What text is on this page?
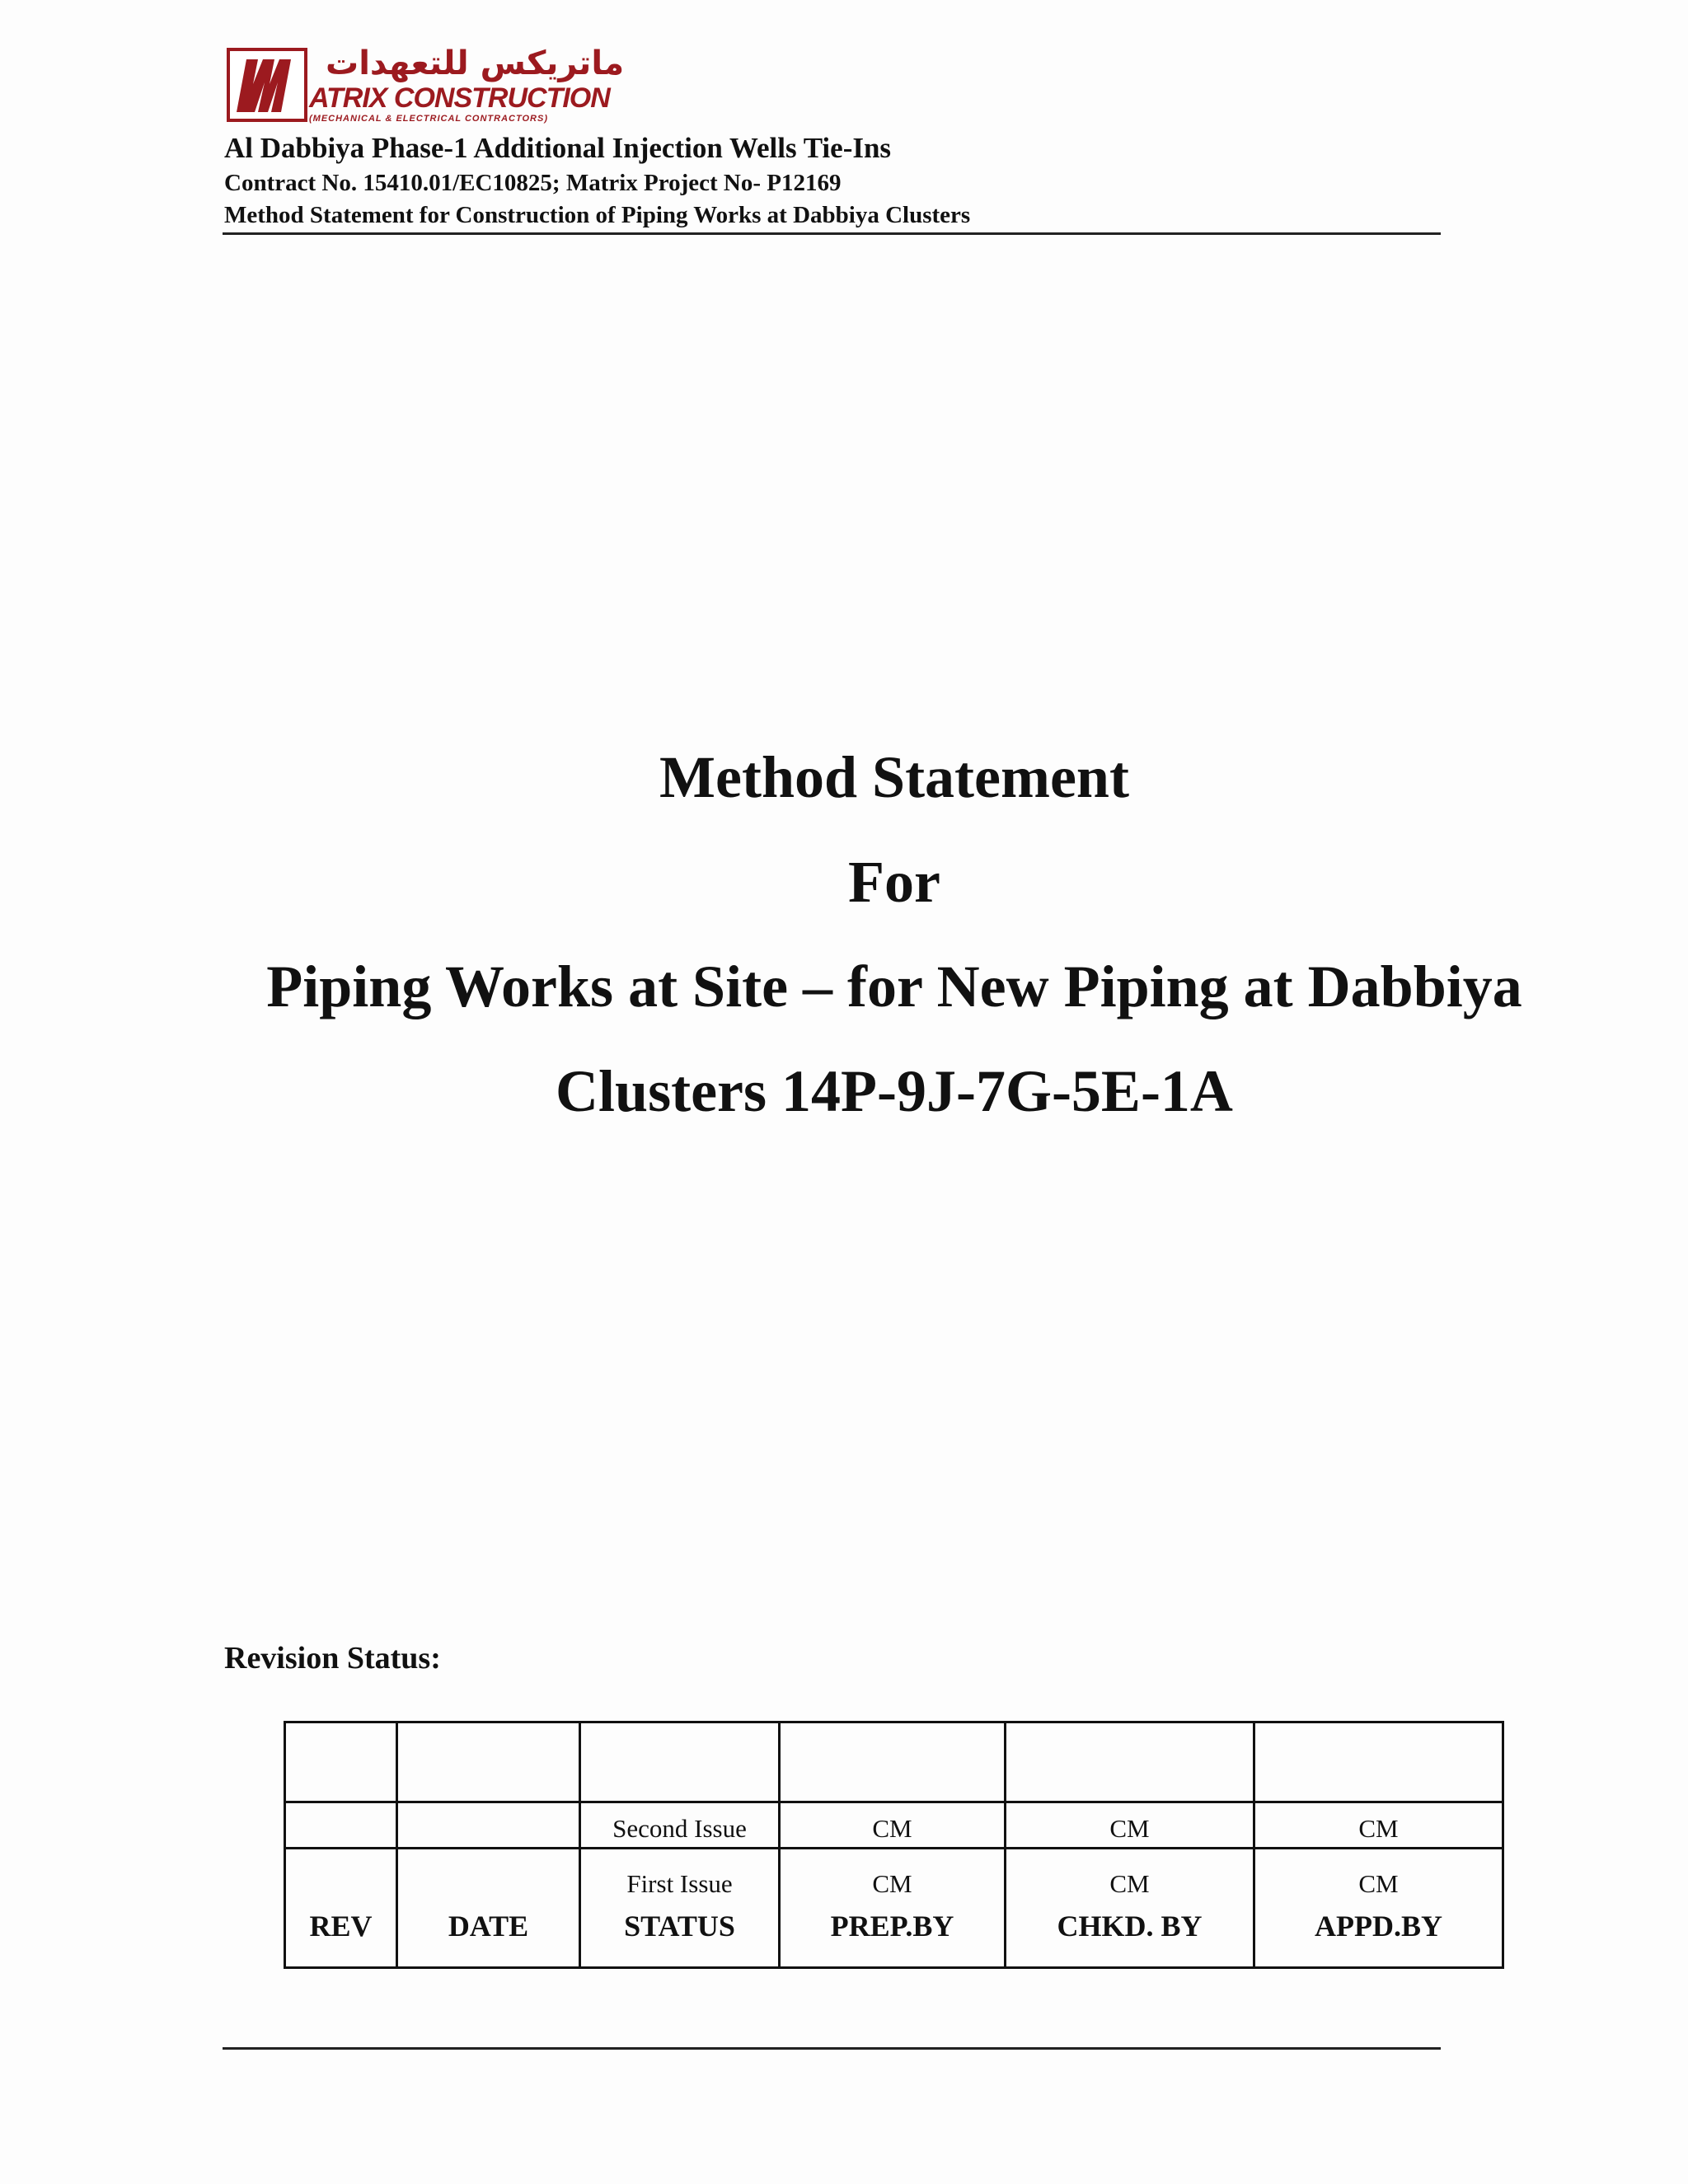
ماتريكس للتعهدات
ATRIX CONSTRUCTION
(MECHANICAL & ELECTRICAL CONTRACTORS)
Al Dabbiya Phase-1 Additional Injection Wells Tie-Ins
Contract No. 15410.01/EC10825; Matrix Project No- P12169
Method Statement for Construction of Piping Works at Dabbiya Clusters
Method Statement
For
Piping Works at Site – for New Piping at Dabbiya
Clusters 14P-9J-7G-5E-1A
Revision Status:

		Second Issue	CM	CM	CM
		First Issue	CM	CM	CM
REV	DATE	STATUS	PREP.BY	CHKD. BY	APPD.BY
